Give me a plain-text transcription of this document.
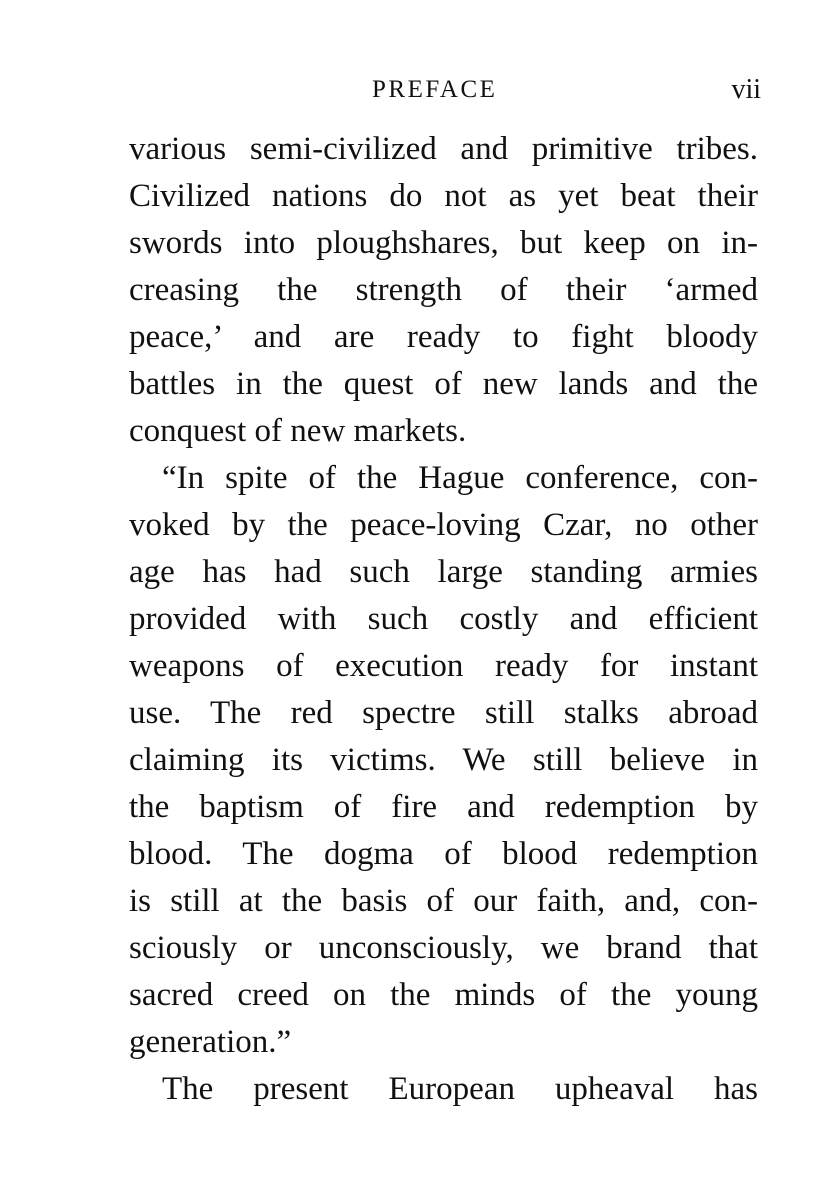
PREFACE	vii
various semi-civilized and primitive tribes.
Civilized nations do not as yet beat their
swords into ploughshares, but keep on in-
creasing the strength of their ‘armed
peace,’ and are ready to fight bloody
battles in the quest of new lands and the
conquest of new markets.
“In spite of the Hague conference, con-
voked by the peace-loving Czar, no other
age has had such large standing armies
provided with such costly and efficient
weapons of execution ready for instant
use. The red spectre still stalks abroad
claiming its victims. We still believe in
the baptism of fire and redemption by
blood. The dogma of blood redemption
is still at the basis of our faith, and, con-
sciously or unconsciously, we brand that
sacred creed on the minds of the young
generation.”
The present European upheaval has
